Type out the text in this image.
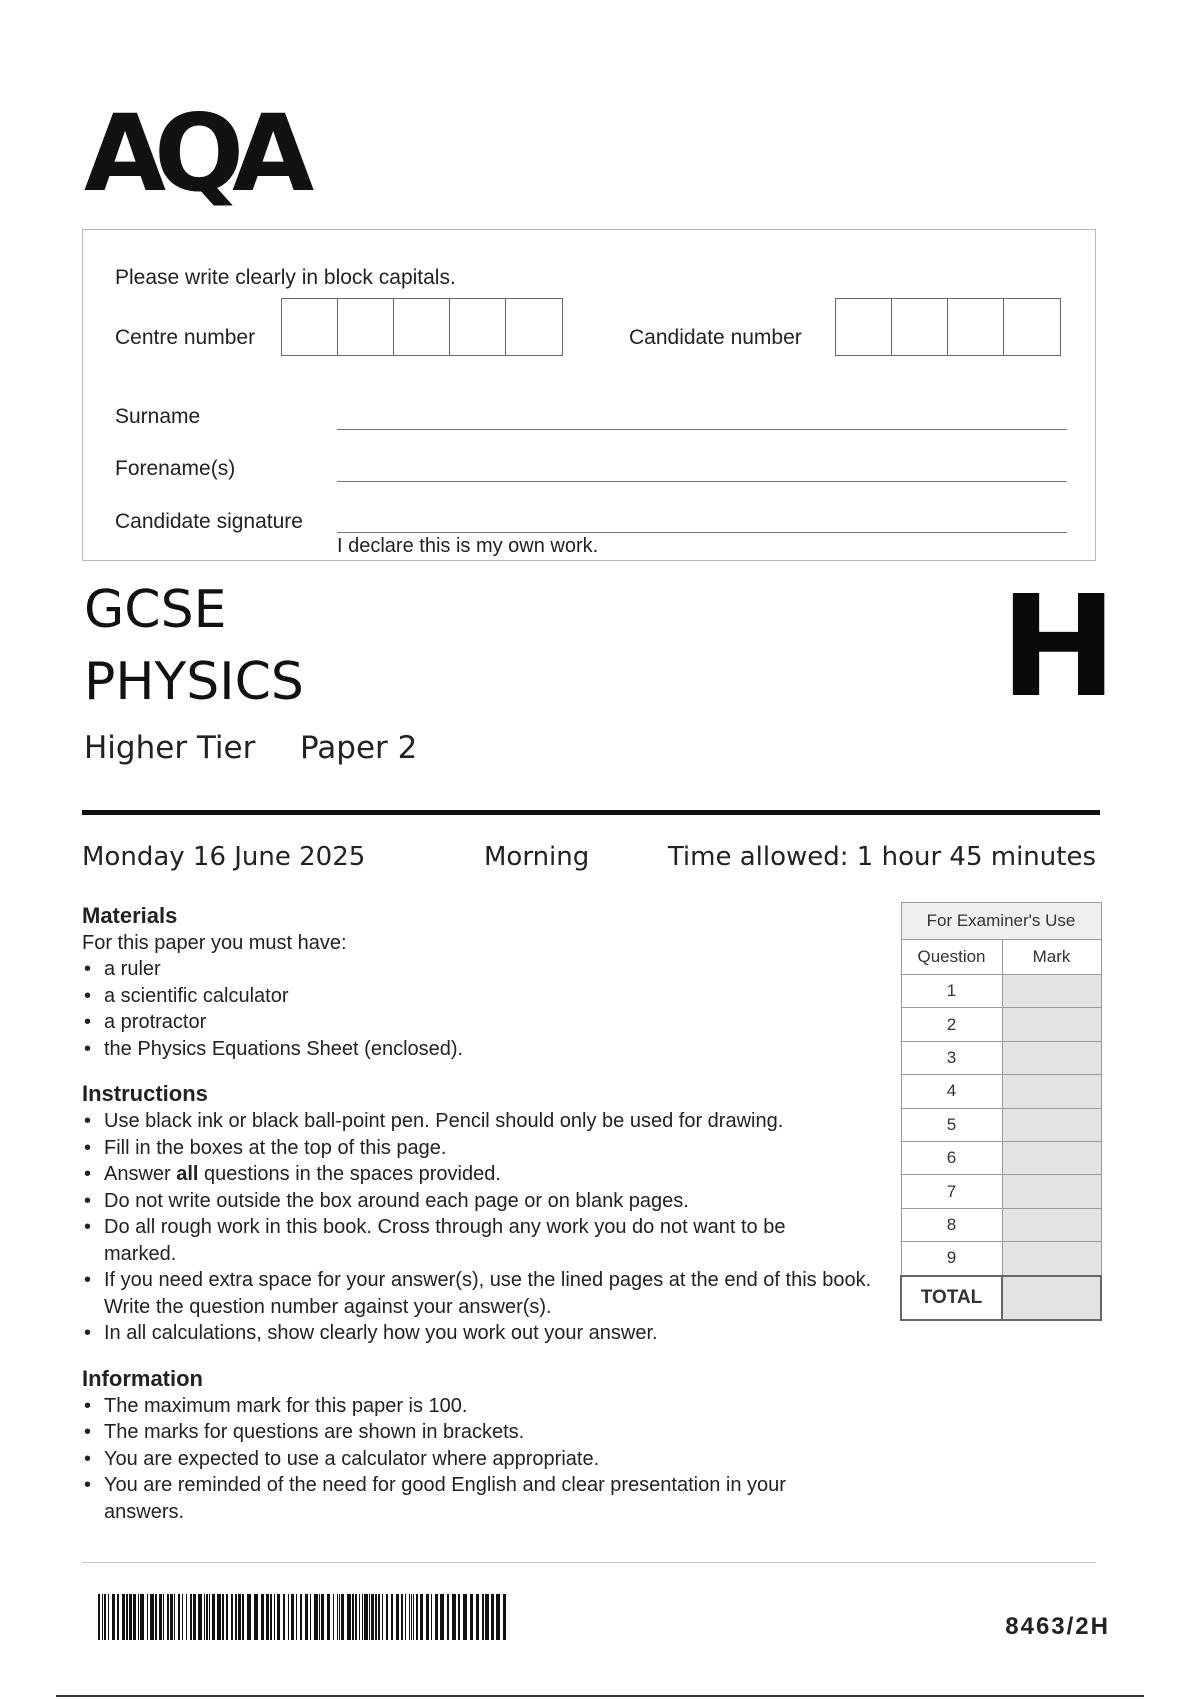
AQA
Please write clearly in block capitals.
Centre number	Candidate number
Surname
Forename(s)
Candidate signature
I declare this is my own work.
GCSE
PHYSICS
Higher Tier Paper 2
H
Monday 16 June 2025	Morning	Time allowed: 1 hour 45 minutes

Materials

For this paper you must have:

• a ruler
• a scientific calculator
• a protractor
• the Physics Equations Sheet (enclosed).

Instructions

• Use black ink or black ball-point pen. Pencil should only be used for drawing.
• Fill in the boxes at the top of this page.
• Answer all questions in the spaces provided.
• Do not write outside the box around each page or on blank pages.
• Do all rough work in this book. Cross through any work you do not want to be marked.
• If you need extra space for your answer(s), use the lined pages at the end of this book. Write the question number against your answer(s).
• In all calculations, show clearly how you work out your answer.

Information

• The maximum mark for this paper is 100.
• The marks for questions are shown in brackets.
• You are expected to use a calculator where appropriate.
• You are reminded of the need for good English and clear presentation in your answers.
For Examiner's Use	
Question	Mark
1	
2	
3	
4	
5	
6	
7	
8	
9	
TOTAL	
8463/2H
